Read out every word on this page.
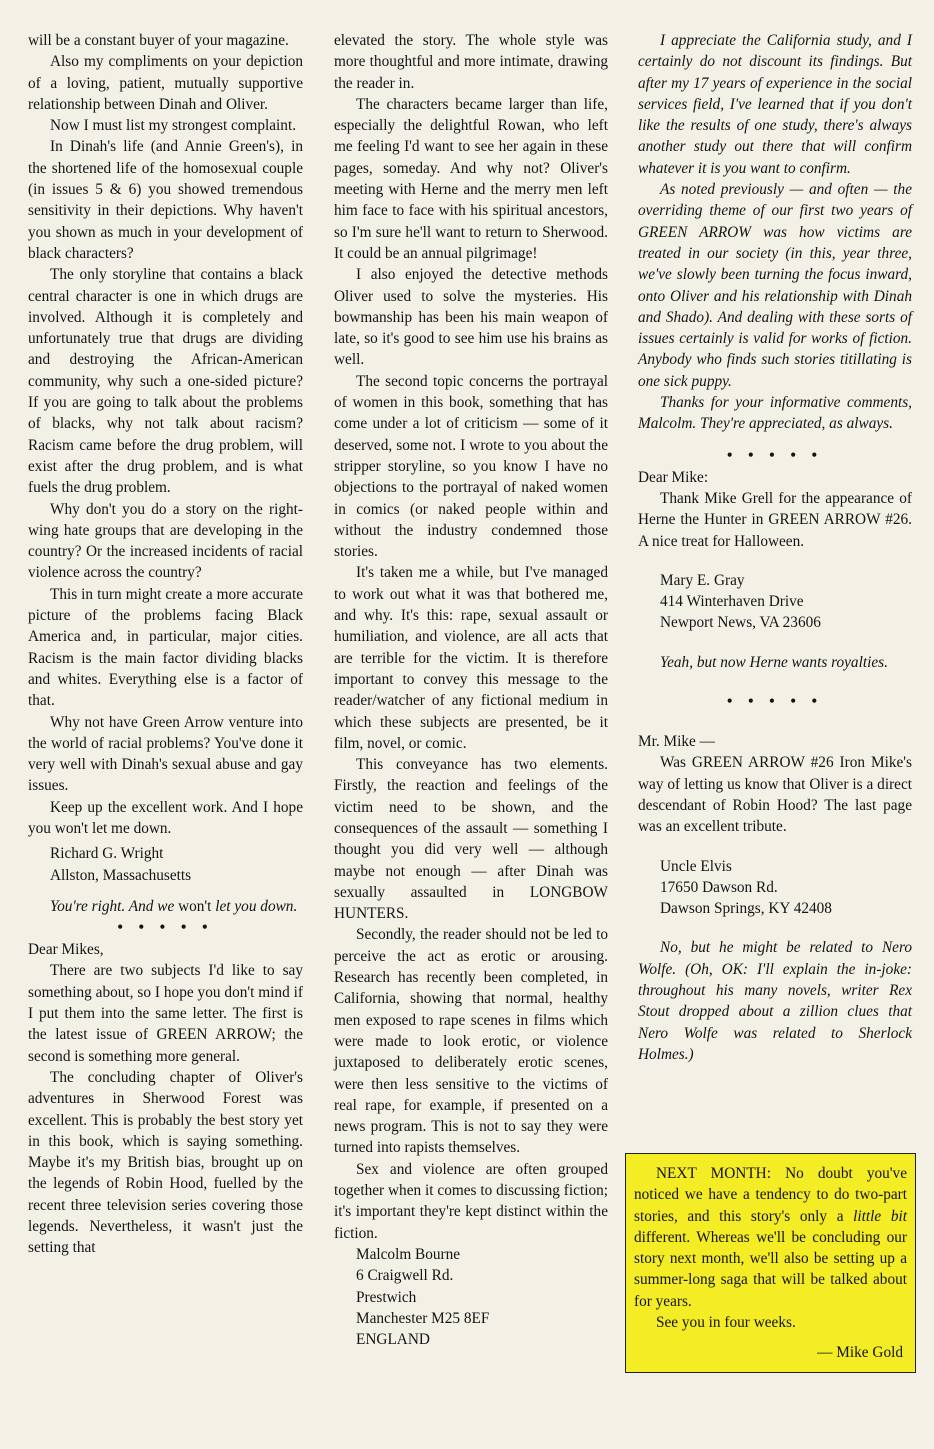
will be a constant buyer of your magazine.

Also my compliments on your depiction of a loving, patient, mutually supportive relationship between Dinah and Oliver.

Now I must list my strongest complaint.

In Dinah's life (and Annie Green's), in the shortened life of the homosexual couple (in issues 5 & 6) you showed tremendous sensitivity in their depictions. Why haven't you shown as much in your development of black characters?

The only storyline that contains a black central character is one in which drugs are involved. Although it is completely and unfortunately true that drugs are dividing and destroying the African-American community, why such a one-sided picture? If you are going to talk about the problems of blacks, why not talk about racism? Racism came before the drug problem, will exist after the drug problem, and is what fuels the drug problem.

Why don't you do a story on the right-wing hate groups that are developing in the country? Or the increased incidents of racial violence across the country?

This in turn might create a more accurate picture of the problems facing Black America and, in particular, major cities. Racism is the main factor dividing blacks and whites. Everything else is a factor of that.

Why not have Green Arrow venture into the world of racial problems? You've done it very well with Dinah's sexual abuse and gay issues.

Keep up the excellent work. And I hope you won't let me down.

Richard G. Wright
Allston, Massachusetts

You're right. And we won't let you down.

• • • • •

Dear Mikes,

There are two subjects I'd like to say something about, so I hope you don't mind if I put them into the same letter. The first is the latest issue of GREEN ARROW; the second is something more general.

The concluding chapter of Oliver's adventures in Sherwood Forest was excellent. This is probably the best story yet in this book, which is saying something. Maybe it's my British bias, brought up on the legends of Robin Hood, fuelled by the recent three television series covering those legends. Nevertheless, it wasn't just the setting that

elevated the story. The whole style was more thoughtful and more intimate, drawing the reader in.

The characters became larger than life, especially the delightful Rowan, who left me feeling I'd want to see her again in these pages, someday. And why not? Oliver's meeting with Herne and the merry men left him face to face with his spiritual ancestors, so I'm sure he'll want to return to Sherwood. It could be an annual pilgrimage!

I also enjoyed the detective methods Oliver used to solve the mysteries. His bowmanship has been his main weapon of late, so it's good to see him use his brains as well.

The second topic concerns the portrayal of women in this book, something that has come under a lot of criticism — some of it deserved, some not. I wrote to you about the stripper storyline, so you know I have no objections to the portrayal of naked women in comics (or naked people within and without the industry condemned those stories.

It's taken me a while, but I've managed to work out what it was that bothered me, and why. It's this: rape, sexual assault or humiliation, and violence, are all acts that are terrible for the victim. It is therefore important to convey this message to the reader/watcher of any fictional medium in which these subjects are presented, be it film, novel, or comic.

This conveyance has two elements. Firstly, the reaction and feelings of the victim need to be shown, and the consequences of the assault — something I thought you did very well — although maybe not enough — after Dinah was sexually assaulted in LONGBOW HUNTERS.

Secondly, the reader should not be led to perceive the act as erotic or arousing. Research has recently been completed, in California, showing that normal, healthy men exposed to rape scenes in films which were made to look erotic, or violence juxtaposed to deliberately erotic scenes, were then less sensitive to the victims of real rape, for example, if presented on a news program. This is not to say they were turned into rapists themselves.

Sex and violence are often grouped together when it comes to discussing fiction; it's important they're kept distinct within the fiction.

Malcolm Bourne
6 Craigwell Rd.
Prestwich
Manchester M25 8EF
ENGLAND

I appreciate the California study, and I certainly do not discount its findings. But after my 17 years of experience in the social services field, I've learned that if you don't like the results of one study, there's always another study out there that will confirm whatever it is you want to confirm.

As noted previously — and often — the overriding theme of our first two years of GREEN ARROW was how victims are treated in our society (in this, year three, we've slowly been turning the focus inward, onto Oliver and his relationship with Dinah and Shado). And dealing with these sorts of issues certainly is valid for works of fiction. Anybody who finds such stories titillating is one sick puppy.

Thanks for your informative comments, Malcolm. They're appreciated, as always.

• • • • •

Dear Mike:

Thank Mike Grell for the appearance of Herne the Hunter in GREEN ARROW #26. A nice treat for Halloween.

Mary E. Gray
414 Winterhaven Drive
Newport News, VA 23606

Yeah, but now Herne wants royalties.

• • • • •

Mr. Mike —

Was GREEN ARROW #26 Iron Mike's way of letting us know that Oliver is a direct descendant of Robin Hood? The last page was an excellent tribute.

Uncle Elvis
17650 Dawson Rd.
Dawson Springs, KY 42408

No, but he might be related to Nero Wolfe. (Oh, OK: I'll explain the in-joke: throughout his many novels, writer Rex Stout dropped about a zillion clues that Nero Wolfe was related to Sherlock Holmes.)

NEXT MONTH: No doubt you've noticed we have a tendency to do two-part stories, and this story's only a little bit different. Whereas we'll be concluding our story next month, we'll also be setting up a summer-long saga that will be talked about for years.

See you in four weeks.

— Mike Gold
